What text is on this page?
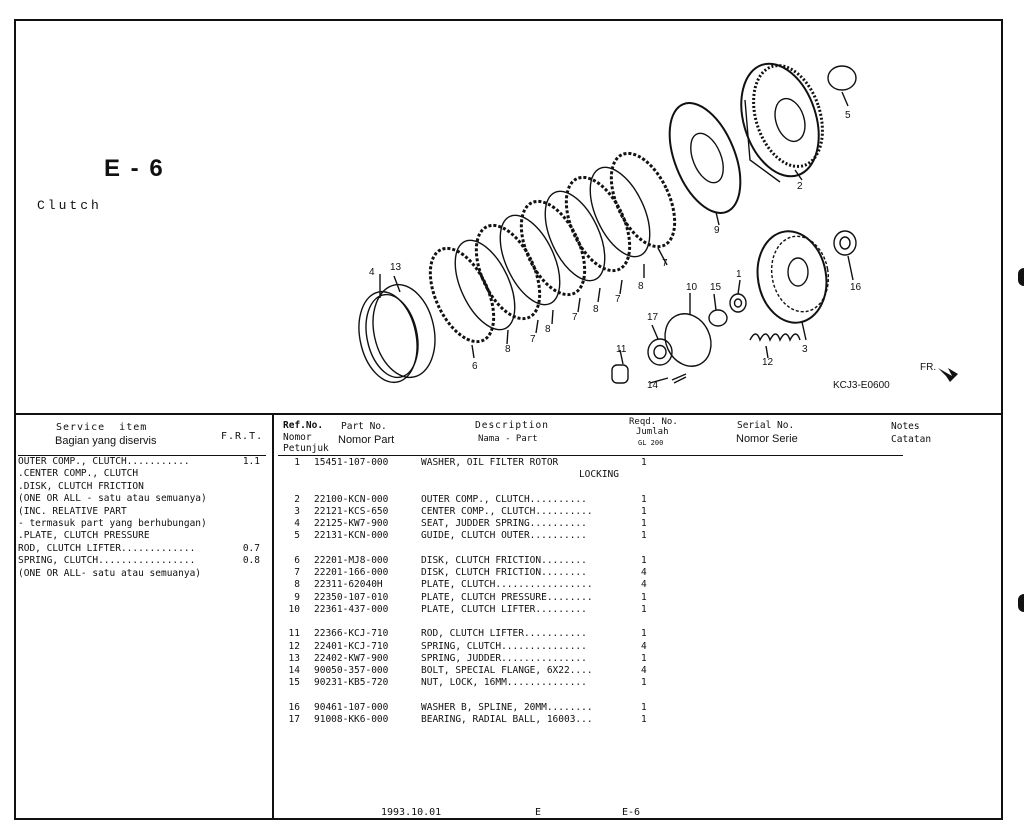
E - 6
Clutch
FR.
4 13
6
8
7
8
7
8
7
8
7
9
2
5
1
16
10 15
17
11
14
12
3
KCJ3-E0600
Service  item
Bagian yang diservis	F.R.T.
OUTER COMP., CLUTCH...........	1.1
.CENTER COMP., CLUTCH
.DISK, CLUTCH FRICTION
(ONE OR ALL - satu atau semuanya)
(INC. RELATIVE PART
- termasuk part yang berhubungan)
.PLATE, CLUTCH PRESSURE
ROD, CLUTCH LIFTER.............	0.7
SPRING, CLUTCH.................	0.8
(ONE OR ALL- satu atau semuanya)
Ref.No.
Nomor
Petunjuk
Part No.
Nomor Part
Description
Nama - Part
Reqd. No.
Jumlah
GL 200
Serial No.
Nomor Serie
Notes
Catatan
1 15451-107-000	WASHER, OIL FILTER ROTOR	1
LOCKING
2 22100-KCN-000	OUTER COMP., CLUTCH..........	1
3 22121-KCS-650	CENTER COMP., CLUTCH..........	1
4 22125-KW7-900	SEAT, JUDDER SPRING..........	1
5 22131-KCN-000	GUIDE, CLUTCH OUTER..........	1
6 22201-MJ8-000	DISK, CLUTCH FRICTION........	1
7 22201-166-000	DISK, CLUTCH FRICTION........	4
8 22311-62040H	PLATE, CLUTCH.................	4
9 22350-107-010	PLATE, CLUTCH PRESSURE........	1
10 22361-437-000	PLATE, CLUTCH LIFTER.........	1
11 22366-KCJ-710	ROD, CLUTCH LIFTER...........	1
12 22401-KCJ-710	SPRING, CLUTCH...............	4
13 22402-KW7-900	SPRING, JUDDER...............	1
14 90050-357-000	BOLT, SPECIAL FLANGE, 6X22....	4
15 90231-KB5-720	NUT, LOCK, 16MM..............	1
16 90461-107-000	WASHER B, SPLINE, 20MM........	1
17 91008-KK6-000	BEARING, RADIAL BALL, 16003...	1
1993.10.01	E	E-6
